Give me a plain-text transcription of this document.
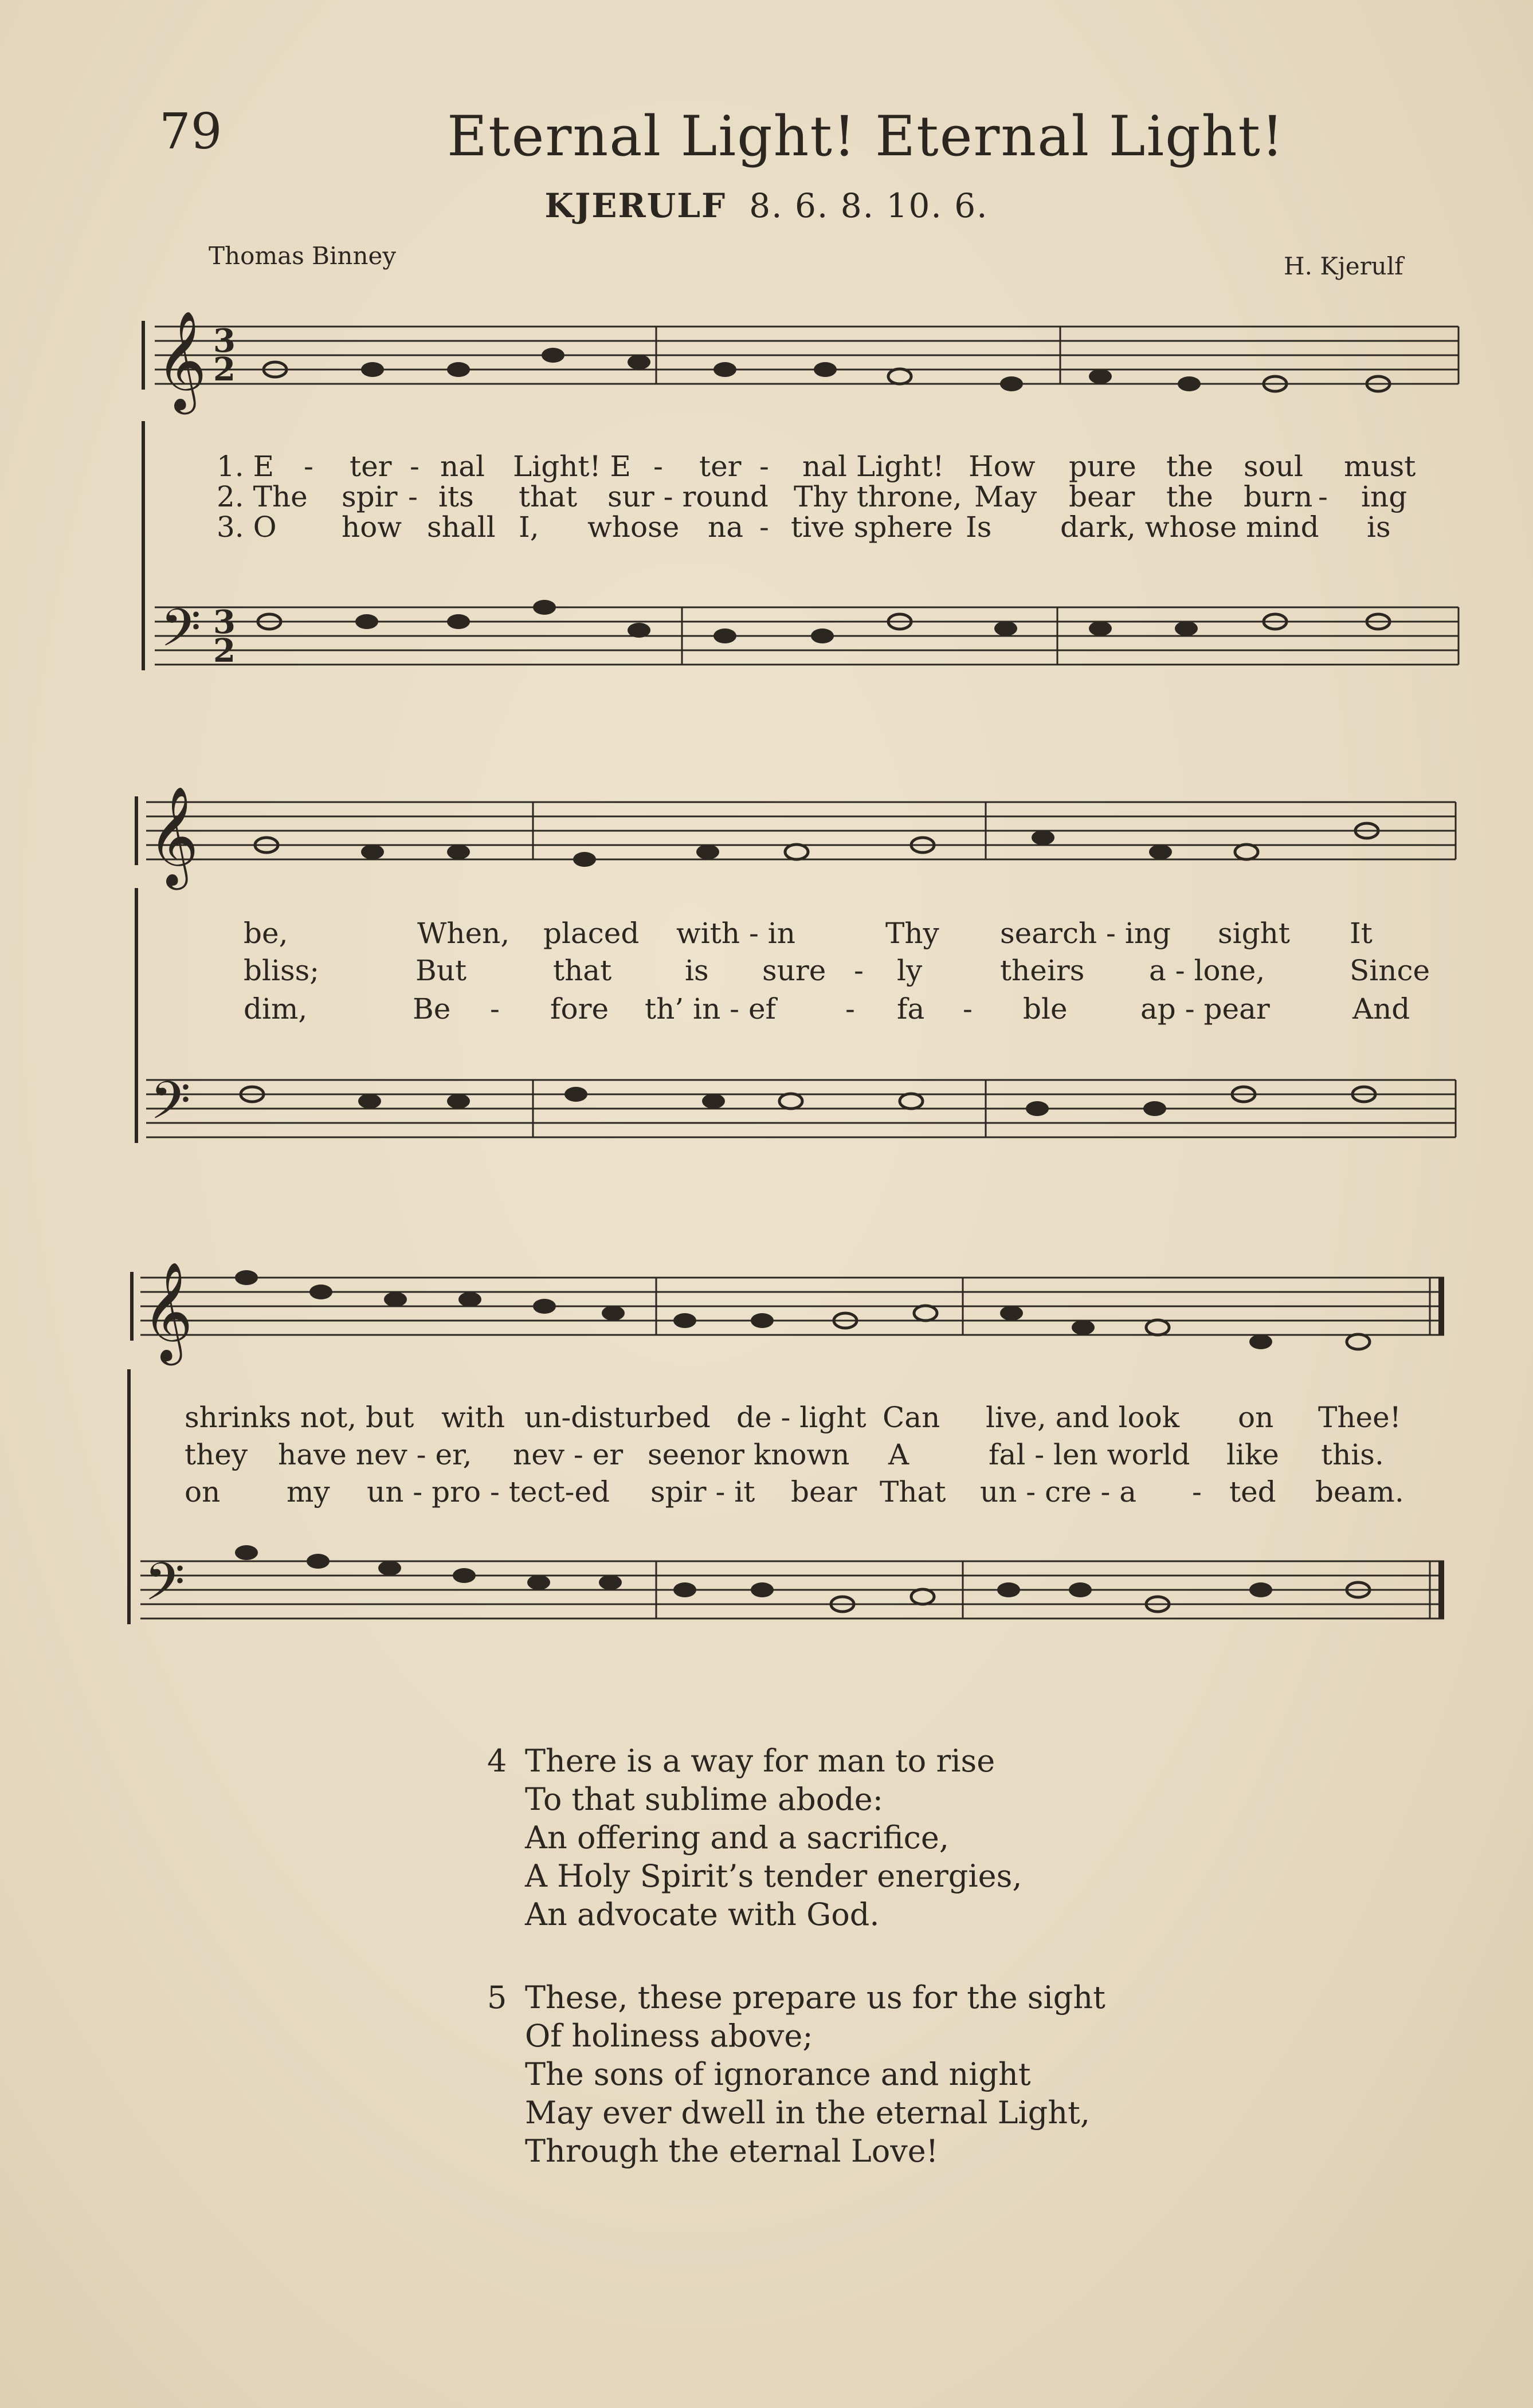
79	Eternal Light! Eternal Light!
KJERULF 8. 6. 8. 10. 6.
Thomas Binney	H. Kjerulf
𝄞 3
2
1. E - ter - nal Light! E - ter - nal Light! How pure the soul must
2. The spir - its that sur - round Thy throne, May bear the burn - ing
3. O how shall I, whose na - tive sphere Is dark, whose mind is
𝄢 3
2
𝄞
be,	When, placed with - in	Thy search - ing sight It
bliss;	But	that	is sure - ly	theirs a - lone,	Since
dim,	Be - fore th’ in - ef - fa - ble	ap - pear	And
𝄢
𝄞
shrinks not, but with un-disturbed de - light Can live, and look on Thee!
they have nev - er, nev - er seen
or known A	fal - len world like this.
on my un - pro - tect-ed spir - it bear That un - cre - a - ted beam.
𝄢
4 There is a way for man to rise
To that sublime abode:
An offering and a sacrifice,
A Holy Spirit’s tender energies,
An advocate with God.
5 These, these prepare us for the sight
Of holiness above;
The sons of ignorance and night
May ever dwell in the eternal Light,
Through the eternal Love!
